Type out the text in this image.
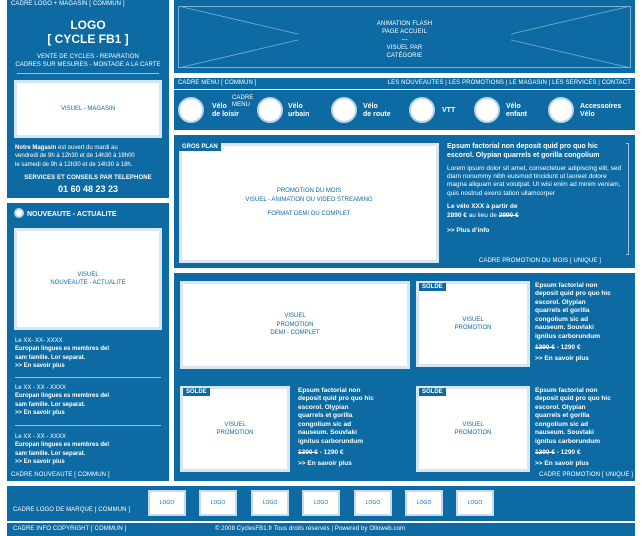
CADRE LOGO + MAGASIN [ COMMUN ]
LOGO
[ CYCLE FB1 ]
VENTE DE CYCLES - REPARATION
CADRES SUR MESURES - MONTAGE A LA CARTE
VISUEL - MAGASIN
Notre Magasin est ouvert du mardi au
vendredi de 9h à 12h30 et de 14h30 à 19h00
le samedi de 9h à 12h30 et de 14h30 à 18h.
SERVICES ET CONSEILS PAR TELEPHONE
01 60 48 23 23
NOUVEAUTE - ACTUALITE
VISUEL
NOUVEAUTE - ACTUALITE
Le XX- XX- XXXX
Europan lingues es membres del
sam familie. Lor separat.
>> En savoir plus
Le XX - XX - XXXX
Europan lingues es membres del
sam familie. Lor separat.
>> En savoir plus
Le XX - XX - XXXX
Europan lingues es membres del
sam familie. Lor separat.
>> En savoir plus
CADRE NOUVEAUTE [ COMMUN ]
ANIMATION FLASH
PAGE ACCUEIL
—
VISUEL PAR
CATÉGORIE
CADRE MENU [ COMMUN ]	LES NOUVEAUTES | LES PROMOTIONS | LE MAGASIN | LES SERVICES | CONTACT
CADRE
MENU
Vélo
de loisir
Vélo
urbain
Vélo
de route
VTT
Vélo
enfant
Accessoires
Vélo
PROMOTION DU MOIS
VISUEL - ANIMATION OU VIDEO STREAMING
FORMAT DEMI OU COMPLET
GROS PLAN	Epsum factorial non deposit quid pro quo hic escorol. Olypian quarrels et gorilla congolium
Lorem ipsum dolor sit amet, consectetuer adipiscing elit, sed diam nonummy nibh euismod tincidunt ut laoreet dolore magna aliquam erat volutpat. Ut wisi enim ad minim veniam, quis nostrud exerci tation ullamcorper
Le vélo XXX à partir de
2890 € au lieu de 2990 €
>> Plus d'info
CADRE PROMOTION DU MOIS [ UNIQUE ]
VISUEL
PROMOTION
DEMI - COMPLET
VISUEL
PROMOTION
SOLDE	Epsum factorial non
deposit quid pro quo hic
escorol. Olypian
quarrels et gorilla
congolium sic ad
nauseum. Souvlaki
ignitus carborundum
1390 € - 1290 €
>> En savoir plus
VISUEL
PROMOTION
SOLDE	Epsum factorial non
deposit quid pro quo hic
escorol. Olypian
quarrels et gorilla
congolium sic ad
nauseum. Souvlaki
ignitus carborundum
1390 € - 1290 €
>> En savoir plus
VISUEL
PROMOTION
SOLDE	Epsum factorial non
deposit quid pro quo hic
escorol. Olypian
quarrels et gorilla
congolium sic ad
nauseum. Souvlaki
ignitus carborundum
1390 € - 1290 €
>> En savoir plus
CADRE PROMOTION [ UNIQUE ]
CADRE LOGO DE MARQUE [ COMMUN ]
LOGO	LOGO	LOGO	LOGO	LOGO	LOGO	LOGO
CADRE INFO COPYRIGHT [ COMMUN ]	© 2008 CyclesFB1.fr Tous droits réservés | Powered by Olloweb.com
